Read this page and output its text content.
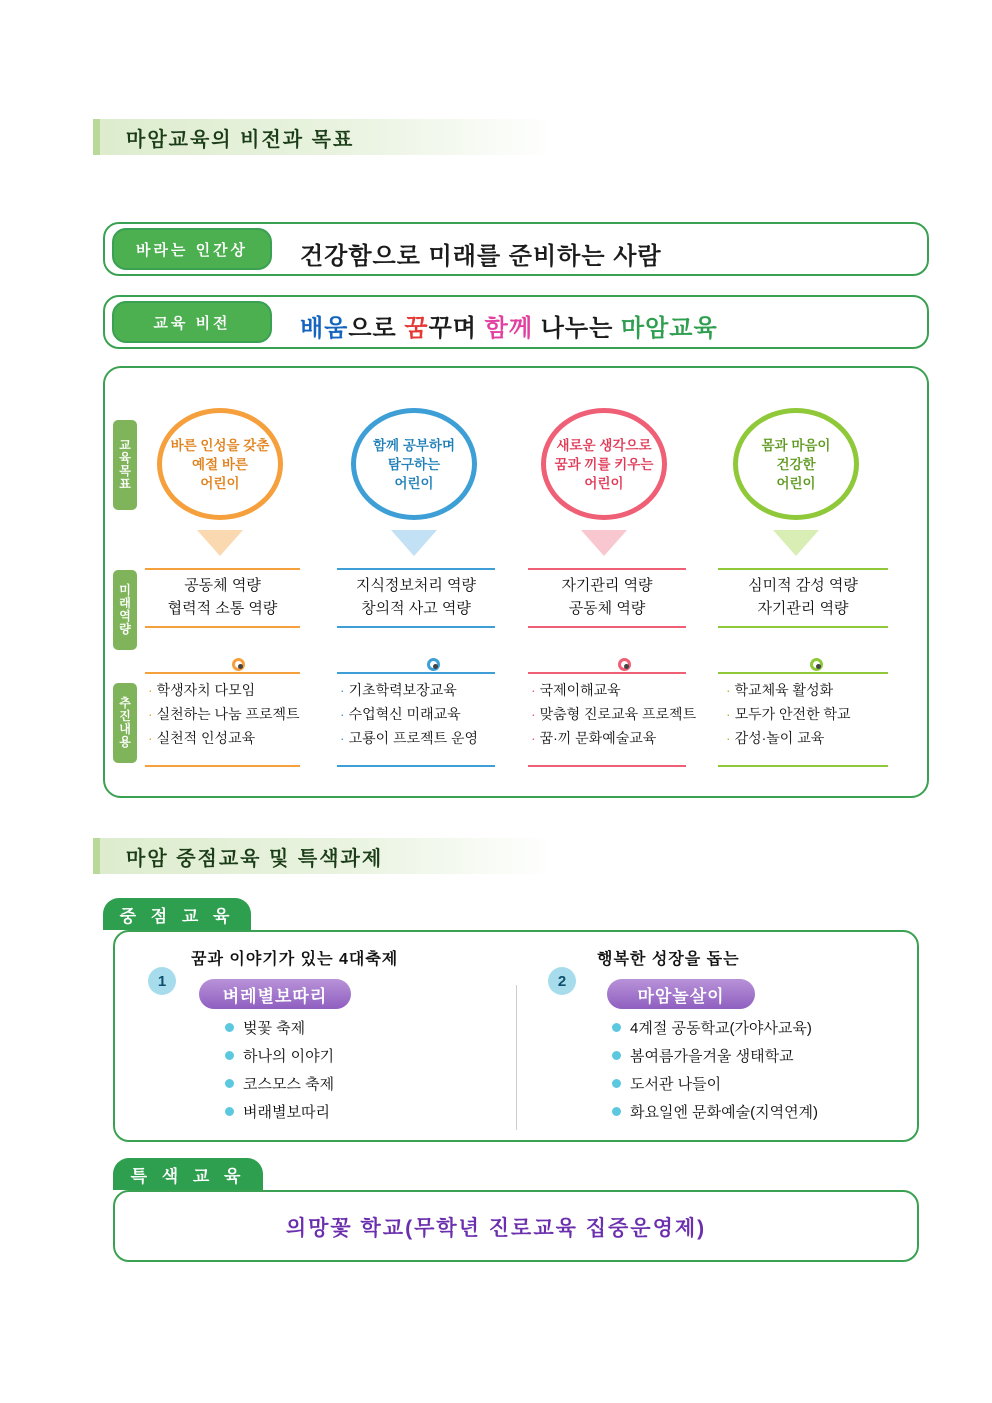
마암교육의 비전과 목표
바라는 인간상	건강함으로 미래를 준비하는 사람
교육 비전	배움으로 꿈꾸며 함께 나누는 마암교육
교
육
목
표
미
래
역
량
추
진
내
용
바른 인성을 갖춘
예절 바른
어린이
공동체 역량
협력적 소통 역량
· 학생자치 다모임
· 실천하는 나눔 프로젝트
· 실천적 인성교육
함께 공부하며
탐구하는
어린이
지식정보처리 역량
창의적 사고 역량
· 기초학력보장교육
· 수업혁신 미래교육
· 고룡이 프로젝트 운영
새로운 생각으로
꿈과 끼를 키우는
어린이
자기관리 역량
공동체 역량
· 국제이해교육
· 맞춤형 진로교육 프로젝트
· 꿈·끼 문화예술교육
몸과 마음이
건강한
어린이
심미적 감성 역량
자기관리 역량
· 학교체육 활성화
· 모두가 안전한 학교
· 감성·놀이 교육
마암 중점교육 및 특색과제
중 점 교 육
1
꿈과 이야기가 있는 4대축제
벼레별보따리
벚꽃 축제
하나의 이야기
코스모스 축제
벼래별보따리
2
행복한 성장을 돕는
마암놀살이
4계절 공동학교(가야사교육)
봄여름가을겨울 생태학교
도서관 나들이
화요일엔 문화예술(지역연계)
특 색 교 육
의망꽃 학교(무학년 진로교육 집중운영제)
